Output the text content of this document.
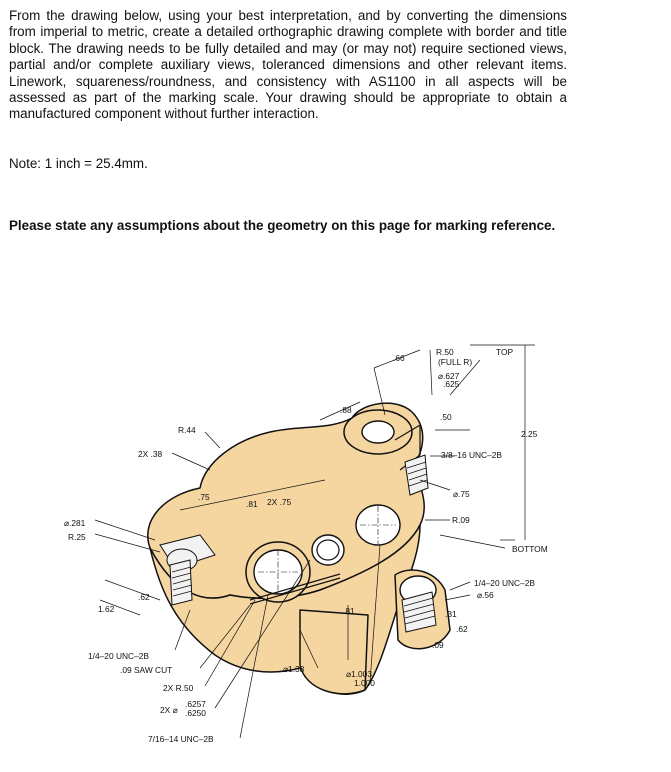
From the drawing below, using your best interpretation, and by converting the dimensions from imperial to metric, create a detailed orthographic drawing complete with border and title block. The drawing needs to be fully detailed and may (or may not) require sectioned views, partial and/or complete auxiliary views, toleranced dimensions and other relevant items. Linework, squareness/roundness, and consistency with AS1100 in all aspects will be assessed as part of the marking scale. Your drawing should be appropriate to obtain a manufactured component without further interaction.

Note: 1 inch = 25.4mm.

Please state any assumptions about the geometry on this page for marking reference.

.66
R.50
(FULL R)
⌀.627
.625
TOP
.88
.50
2.25
R.44
2X .38	3/8–16 UNC–2B
⌀.75
.75
.81 2X .75
R.09
⌀.281
R.25
BOTTOM
.62
1.62
1/4–20 UNC–2B
⌀.56
.31
.62
.09
.81
1/4–20 UNC–2B
.09 SAW CUT
2X R.50
⌀1.38	⌀1.003
1.000
2X ⌀
.6257
.6250
7/16–14 UNC–2B
